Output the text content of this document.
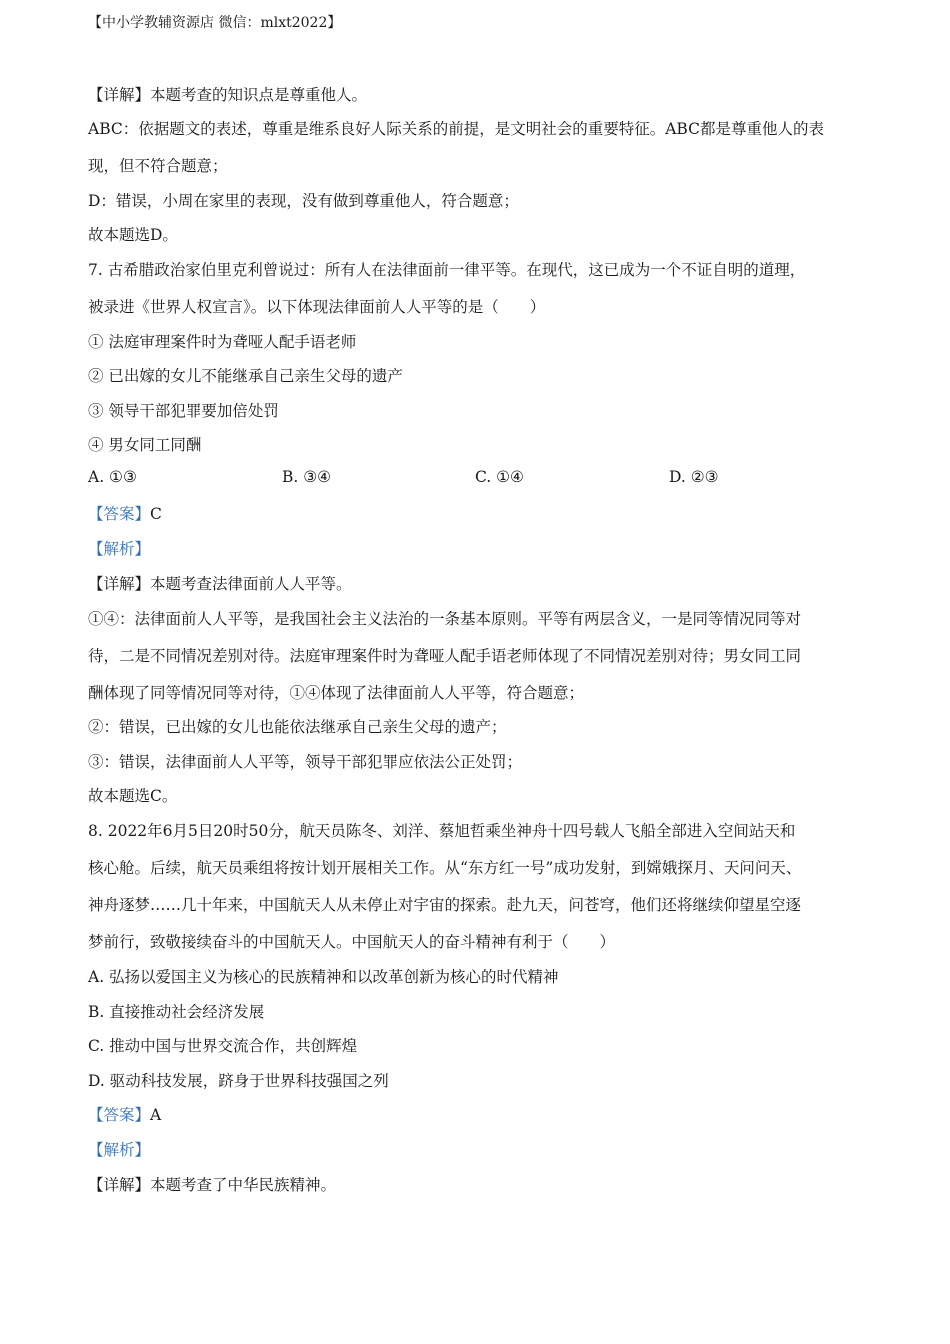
【中小学教辅资源店 微信：mlxt2022】
【详解】本题考查的知识点是尊重他人。
ABC：依据题文的表述，尊重是维系良好人际关系的前提，是文明社会的重要特征。ABC都是尊重他人的表
现，但不符合题意；
D：错误，小周在家里的表现，没有做到尊重他人，符合题意；
故本题选D。
7. 古希腊政治家伯里克利曾说过：所有人在法律面前一律平等。在现代，这已成为一个不证自明的道理，
被录进《世界人权宣言》。以下体现法律面前人人平等的是（　　）
① 法庭审理案件时为聋哑人配手语老师
② 已出嫁的女儿不能继承自己亲生父母的遗产
③ 领导干部犯罪要加倍处罚
④ 男女同工同酬
A. ①③	B. ③④	C. ①④	D. ②③
【答案】C
【解析】
【详解】本题考查法律面前人人平等。
①④：法律面前人人平等，是我国社会主义法治的一条基本原则。平等有两层含义，一是同等情况同等对
待，二是不同情况差别对待。法庭审理案件时为聋哑人配手语老师体现了不同情况差别对待；男女同工同
酬体现了同等情况同等对待，①④体现了法律面前人人平等，符合题意；
②：错误，已出嫁的女儿也能依法继承自己亲生父母的遗产；
③：错误，法律面前人人平等，领导干部犯罪应依法公正处罚；
故本题选C。
8. 2022年6月5日20时50分，航天员陈冬、刘洋、蔡旭哲乘坐神舟十四号载人飞船全部进入空间站天和
核心舱。后续，航天员乘组将按计划开展相关工作。从“东方红一号”成功发射，到嫦娥探月、天问问天、
神舟逐梦……几十年来，中国航天人从未停止对宇宙的探索。赴九天，问苍穹，他们还将继续仰望星空逐
梦前行，致敬接续奋斗的中国航天人。中国航天人的奋斗精神有利于（　　）
A. 弘扬以爱国主义为核心的民族精神和以改革创新为核心的时代精神
B. 直接推动社会经济发展
C. 推动中国与世界交流合作，共创辉煌
D. 驱动科技发展，跻身于世界科技强国之列
【答案】A
【解析】
【详解】本题考查了中华民族精神。
